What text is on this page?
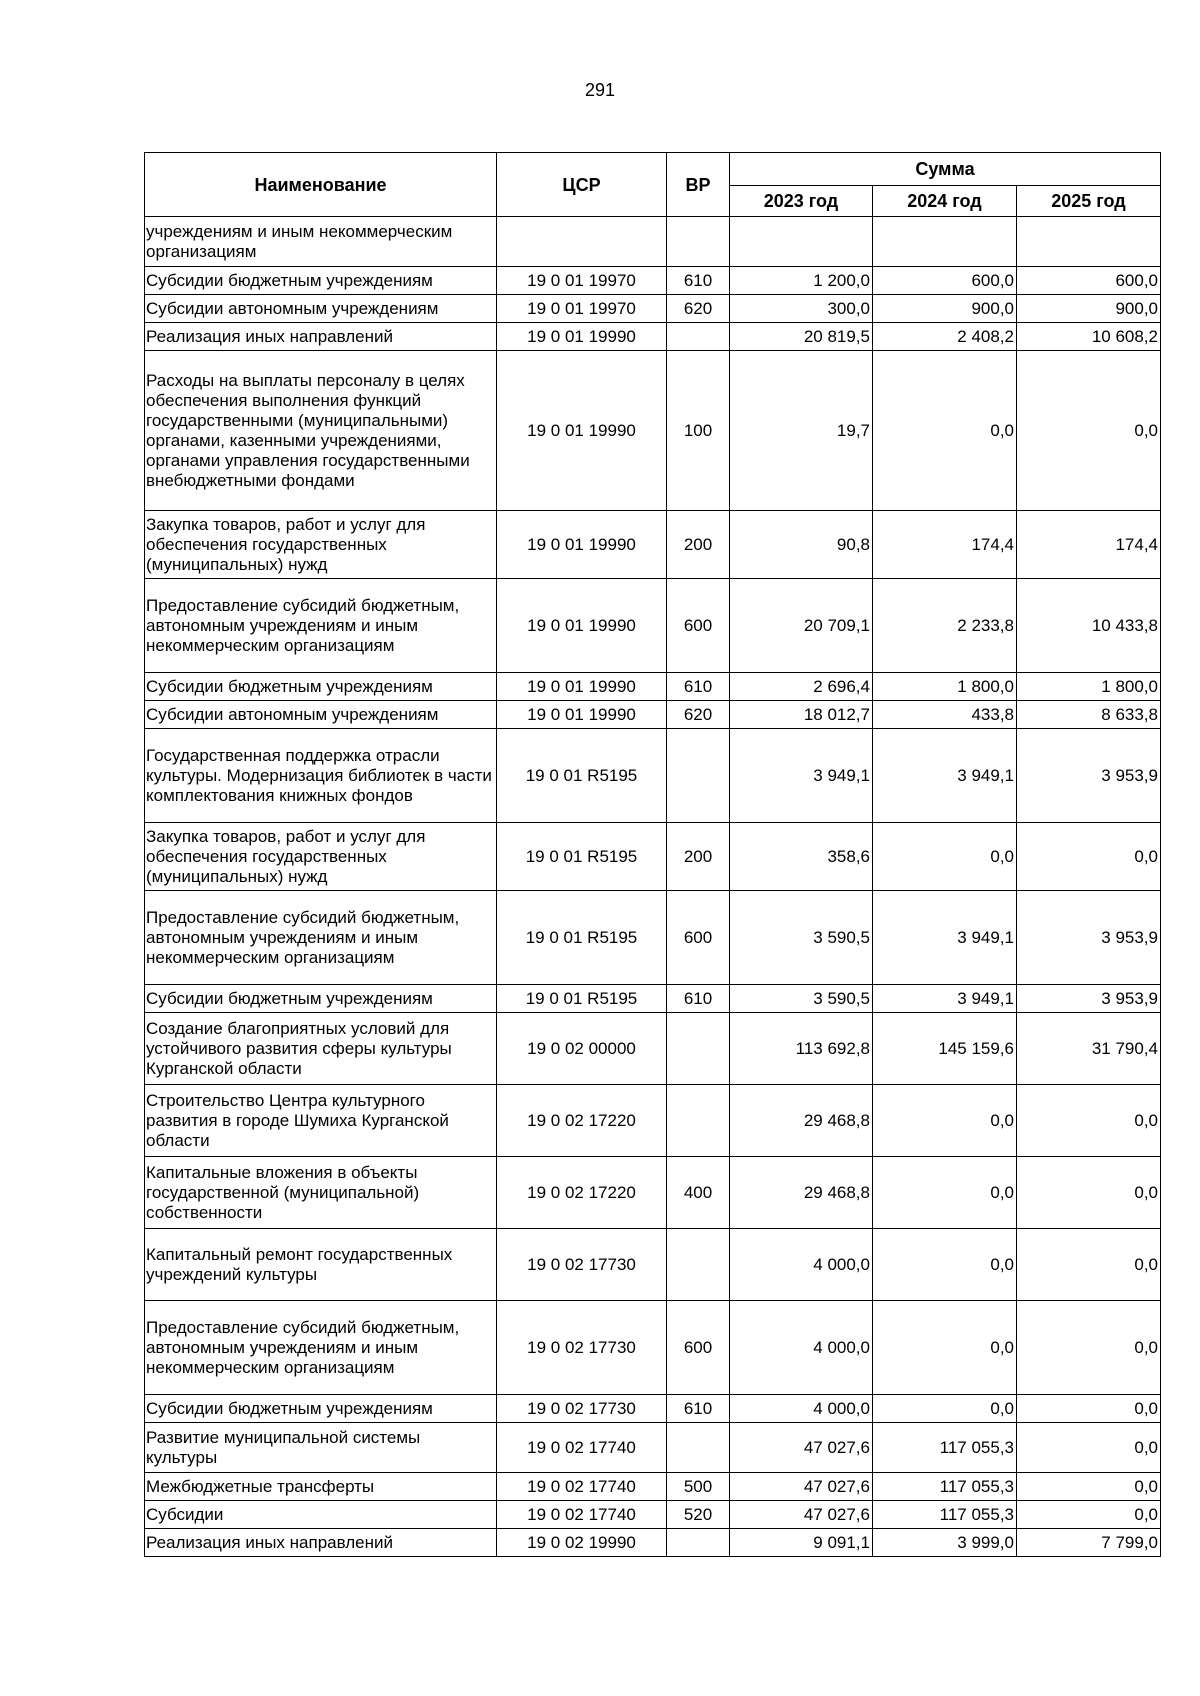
291
Наименование	ЦСР	ВР	Сумма		
			2023 год	2024 год	2025 год
учреждениям и иным некоммерческим организациям					
Субсидии бюджетным учреждениям	19 0 01 19970	610	1 200,0	600,0	600,0
Субсидии автономным учреждениям	19 0 01 19970	620	300,0	900,0	900,0
Реализация иных направлений	19 0 01 19990		20 819,5	2 408,2	10 608,2
Расходы на выплаты персоналу в целях обеспечения выполнения функций государственными (муниципальными) органами, казенными учреждениями, органами управления государственными внебюджетными фондами	19 0 01 19990	100	19,7	0,0	0,0
Закупка товаров, работ и услуг для обеспечения государственных (муниципальных) нужд	19 0 01 19990	200	90,8	174,4	174,4
Предоставление субсидий бюджетным, автономным учреждениям и иным некоммерческим организациям	19 0 01 19990	600	20 709,1	2 233,8	10 433,8
Субсидии бюджетным учреждениям	19 0 01 19990	610	2 696,4	1 800,0	1 800,0
Субсидии автономным учреждениям	19 0 01 19990	620	18 012,7	433,8	8 633,8
Государственная поддержка отрасли культуры. Модернизация библиотек в части комплектования книжных фондов	19 0 01 R5195		3 949,1	3 949,1	3 953,9
Закупка товаров, работ и услуг для обеспечения государственных (муниципальных) нужд	19 0 01 R5195	200	358,6	0,0	0,0
Предоставление субсидий бюджетным, автономным учреждениям и иным некоммерческим организациям	19 0 01 R5195	600	3 590,5	3 949,1	3 953,9
Субсидии бюджетным учреждениям	19 0 01 R5195	610	3 590,5	3 949,1	3 953,9
Создание благоприятных условий для устойчивого развития сферы культуры Курганской области	19 0 02 00000		113 692,8	145 159,6	31 790,4
Строительство Центра культурного развития в городе Шумиха Курганской области	19 0 02 17220		29 468,8	0,0	0,0
Капитальные вложения в объекты государственной (муниципальной) собственности	19 0 02 17220	400	29 468,8	0,0	0,0
Капитальный ремонт государственных учреждений культуры	19 0 02 17730		4 000,0	0,0	0,0
Предоставление субсидий бюджетным, автономным учреждениям и иным некоммерческим организациям	19 0 02 17730	600	4 000,0	0,0	0,0
Субсидии бюджетным учреждениям	19 0 02 17730	610	4 000,0	0,0	0,0
Развитие муниципальной системы культуры	19 0 02 17740		47 027,6	117 055,3	0,0
Межбюджетные трансферты	19 0 02 17740	500	47 027,6	117 055,3	0,0
Субсидии	19 0 02 17740	520	47 027,6	117 055,3	0,0
Реализация иных направлений	19 0 02 19990		9 091,1	3 999,0	7 799,0
